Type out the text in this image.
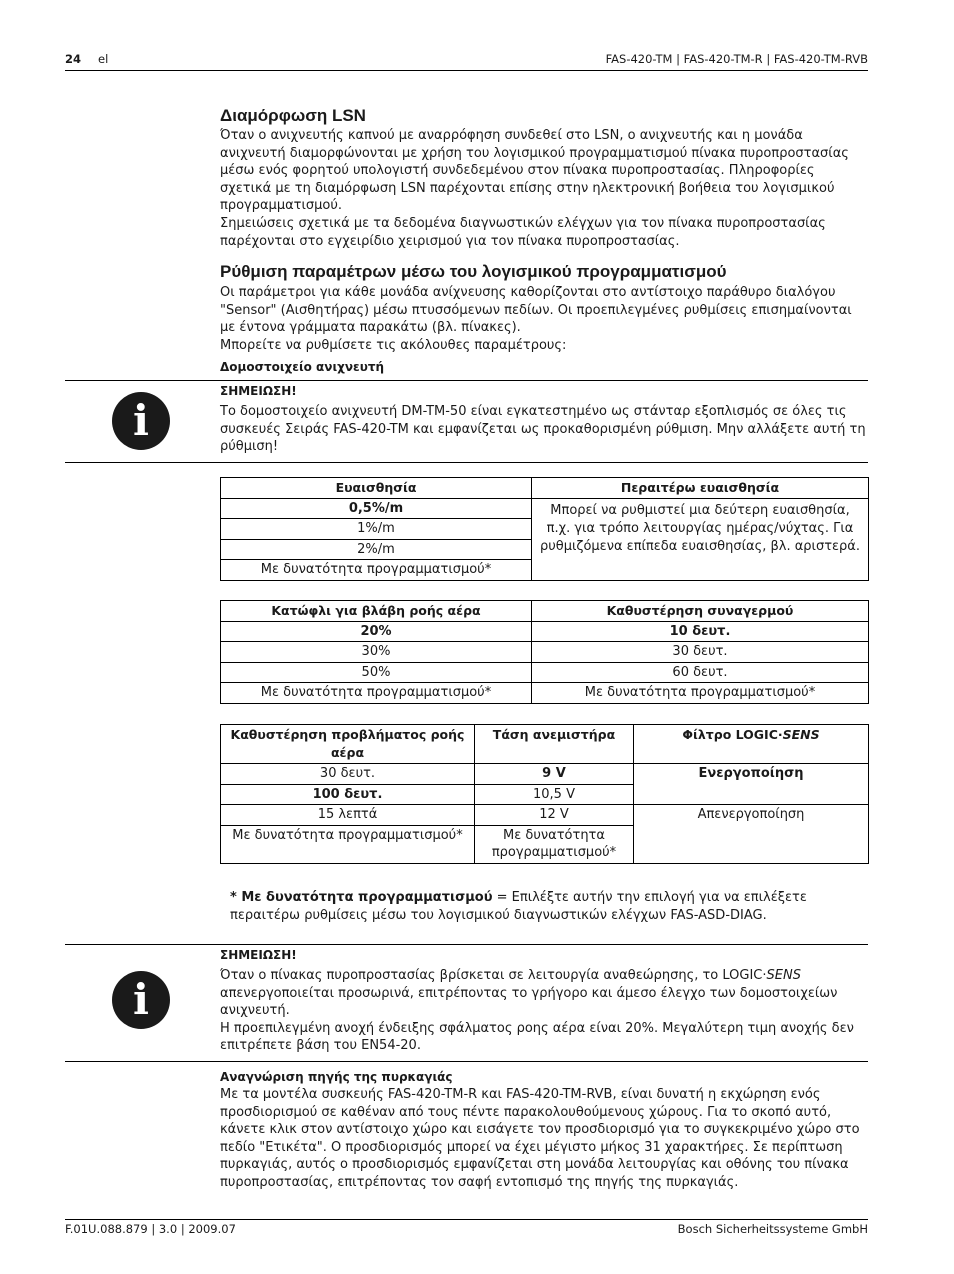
24 el	FAS-420-TM | FAS-420-TM-R | FAS-420-TM-RVB
Διαμόρφωση LSN

Όταν ο ανιχνευτής καπνού με αναρρόφηση συνδεθεί στο LSN, ο ανιχνευτής και η μονάδα ανιχνευτή διαμορφώνονται με χρήση του λογισμικού προγραμματισμού πίνακα πυροπροστασίας μέσω ενός φορητού υπολογιστή συνδεδεμένου στον πίνακα πυροπροστασίας. Πληροφορίες σχετικά με τη διαμόρφωση LSN παρέχονται επίσης στην ηλεκτρονική βοήθεια του λογισμικού προγραμματισμού.

Σημειώσεις σχετικά με τα δεδομένα διαγνωστικών ελέγχων για τον πίνακα πυροπροστασίας παρέχονται στο εγχειρίδιο χειρισμού για τον πίνακα πυροπροστασίας.

Ρύθμιση παραμέτρων μέσω του λογισμικού προγραμματισμού

Οι παράμετροι για κάθε μονάδα ανίχνευσης καθορίζονται στο αντίστοιχο παράθυρο διαλόγου "Sensor" (Αισθητήρας) μέσω πτυσσόμενων πεδίων. Οι προεπιλεγμένες ρυθμίσεις επισημαίνονται με έντονα γράμματα παρακάτω (βλ. πίνακες).

Μπορείτε να ρυθμίσετε τις ακόλουθες παραμέτρους:

Δομοστοιχείο ανιχνευτή
i
ΣΗΜΕΙΩΣΗ!
Το δομοστοιχείο ανιχνευτή DM-TM-50 είναι εγκατεστημένο ως στάνταρ εξοπλισμός σε όλες τις συσκευές Σειράς FAS-420-TM και εμφανίζεται ως προκαθορισμένη ρύθμιση. Μην αλλάξετε αυτή τη ρύθμιση!
Ευαισθησία	Περαιτέρω ευαισθησία
0,5%/m	Μπορεί να ρυθμιστεί μια δεύτερη ευαισθησία, π.χ. για τρόπο λειτουργίας ημέρας/νύχτας. Για ρυθμιζόμενα επίπεδα ευαισθησίας, βλ. αριστερά.
1%/m	
2%/m	
Με δυνατότητα προγραμματισμού*	
Κατώφλι για βλάβη ροής αέρα	Καθυστέρηση συναγερμού
20%	10 δευτ.
30%	30 δευτ.
50%	60 δευτ.
Με δυνατότητα προγραμματισμού*	Με δυνατότητα προγραμματισμού*
Καθυστέρηση προβλήματος ροής αέρα	Τάση ανεμιστήρα	Φίλτρο LOGIC·SENS
30 δευτ.	9 V	Ενεργοποίηση
100 δευτ.	10,5 V	
15 λεπτά	12 V	Απενεργοποίηση
Με δυνατότητα προγραμματισμού*	Με δυνατότητα προγραμματισμού*	
* Με δυνατότητα προγραμματισμού = Επιλέξτε αυτήν την επιλογή για να επιλέξετε περαιτέρω ρυθμίσεις μέσω του λογισμικού διαγνωστικών ελέγχων FAS-ASD-DIAG.
i
ΣΗΜΕΙΩΣΗ!

Όταν ο πίνακας πυροπροστασίας βρίσκεται σε λειτουργία αναθεώρησης, το LOGIC·SENS απενεργοποιείται προσωρινά, επιτρέποντας το γρήγορο και άμεσο έλεγχο των δομοστοιχείων ανιχνευτή.

Η προεπιλεγμένη ανοχή ένδειξης σφάλματος ροης αέρα είναι 20%. Μεγαλύτερη τιμη ανοχής δεν επιτρέπετε βάση του EN54-20.

Αναγνώριση πηγής της πυρκαγιάς
Με τα μοντέλα συσκευής FAS-420-TM-R και FAS-420-TM-RVB, είναι δυνατή η εκχώρηση ενός προσδιορισμού σε καθέναν από τους πέντε παρακολουθούμενους χώρους. Για το σκοπό αυτό, κάνετε κλικ στον αντίστοιχο χώρο και εισάγετε τον προσδιορισμό για το συγκεκριμένο χώρο στο πεδίο "Ετικέτα". Ο προσδιορισμός μπορεί να έχει μέγιστο μήκος 31 χαρακτήρες. Σε περίπτωση πυρκαγιάς, αυτός ο προσδιορισμός εμφανίζεται στη μονάδα λειτουργίας και οθόνης του πίνακα πυροπροστασίας, επιτρέποντας τον σαφή εντοπισμό της πηγής της πυρκαγιάς.
F.01U.088.879 | 3.0 | 2009.07	Bosch Sicherheitssysteme GmbH
